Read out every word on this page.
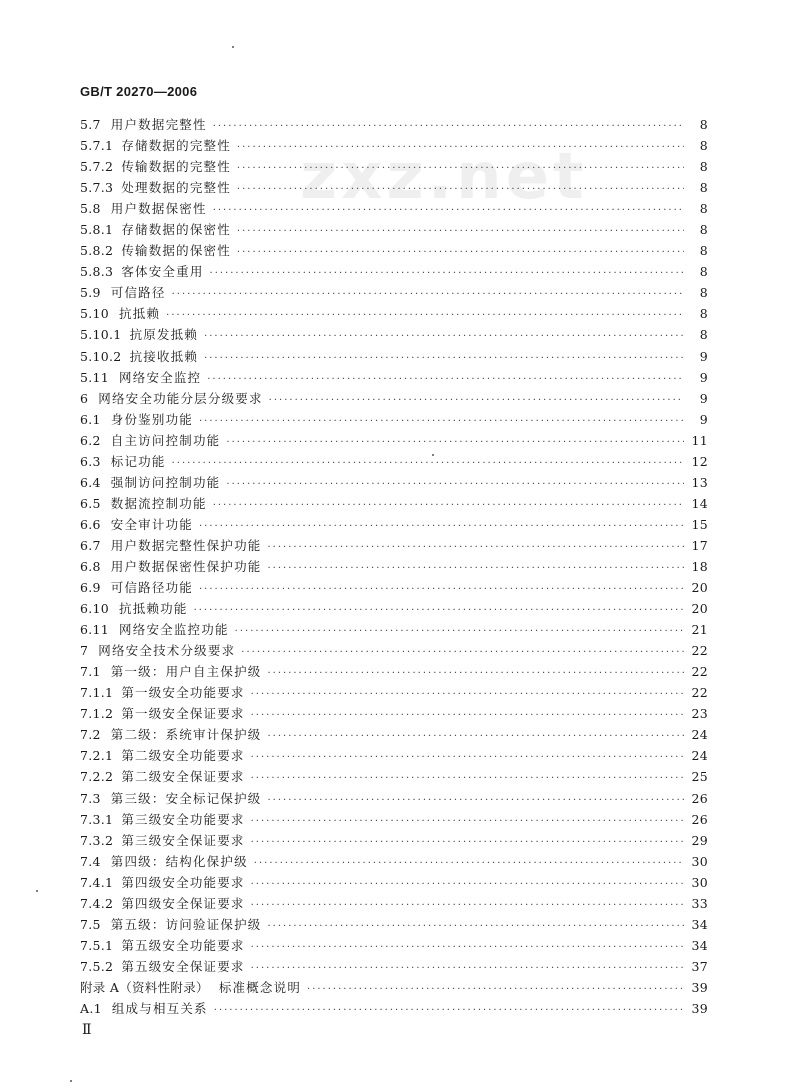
GB/T 20270—2006
zxz.net
5.7 用户数据完整性 ·····	8
5.7.1 存储数据的完整性 ·····	8
5.7.2 传输数据的完整性 ·····	8
5.7.3 处理数据的完整性 ·····	8
5.8 用户数据保密性 ·····	8
5.8.1 存储数据的保密性 ·····	8
5.8.2 传输数据的保密性 ·····	8
5.8.3 客体安全重用 ·····	8
5.9 可信路径 ·····	8
5.10 抗抵赖 ·····	8
5.10.1 抗原发抵赖 ·····	8
5.10.2 抗接收抵赖 ·····	9
5.11 网络安全监控 ·····	9
6 网络安全功能分层分级要求 ·····	9
6.1 身份鉴别功能 ·····	9
6.2 自主访问控制功能 ·····	11
6.3 标记功能 ·····	12
6.4 强制访问控制功能 ·····	13
6.5 数据流控制功能 ·····	14
6.6 安全审计功能 ·····	15
6.7 用户数据完整性保护功能 ·····	17
6.8 用户数据保密性保护功能 ·····	18
6.9 可信路径功能 ·····	20
6.10 抗抵赖功能 ·····	20
6.11 网络安全监控功能 ·····	21
7 网络安全技术分级要求 ·····	22
7.1 第一级：用户自主保护级 ·····	22
7.1.1 第一级安全功能要求 ·····	22
7.1.2 第一级安全保证要求 ·····	23
7.2 第二级：系统审计保护级 ·····	24
7.2.1 第二级安全功能要求 ·····	24
7.2.2 第二级安全保证要求 ·····	25
7.3 第三级：安全标记保护级 ·····	26
7.3.1 第三级安全功能要求 ·····	26
7.3.2 第三级安全保证要求 ·····	29
7.4 第四级：结构化保护级 ·····	30
7.4.1 第四级安全功能要求 ·····	30
7.4.2 第四级安全保证要求 ·····	33
7.5 第五级：访问验证保护级 ·····	34
7.5.1 第五级安全功能要求 ·····	34
7.5.2 第五级安全保证要求 ·····	37
附录 A（资料性附录） 标准概念说明 ·····	39
A.1 组成与相互关系 ·····	39
Ⅱ
